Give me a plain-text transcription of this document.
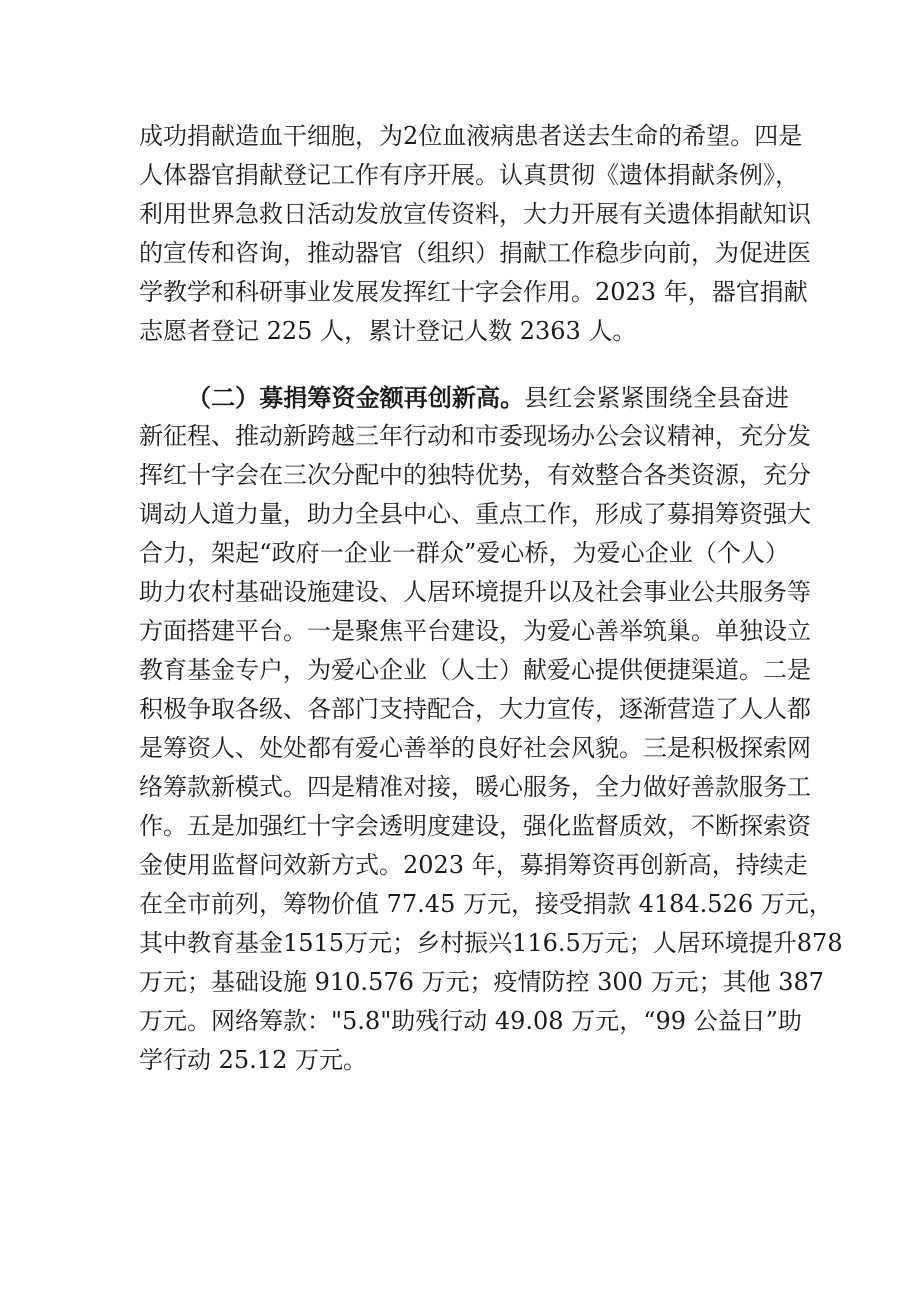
成功捐献造血干细胞，为2位血液病患者送去生命的希望。四是
人体器官捐献登记工作有序开展。认真贯彻《遗体捐献条例》，
利用世界急救日活动发放宣传资料，大力开展有关遗体捐献知识
的宣传和咨询，推动器官（组织）捐献工作稳步向前，为促进医
学教学和科研事业发展发挥红十字会作用。2023 年，器官捐献
志愿者登记 225 人，累计登记人数 2363 人。
（二）募捐筹资金额再创新高。县红会紧紧围绕全县奋进
新征程、推动新跨越三年行动和市委现场办公会议精神，充分发
挥红十字会在三次分配中的独特优势，有效整合各类资源，充分
调动人道力量，助力全县中心、重点工作，形成了募捐筹资强大
合力，架起“政府一企业一群众”爱心桥，为爱心企业（个人）
助力农村基础设施建设、人居环境提升以及社会事业公共服务等
方面搭建平台。一是聚焦平台建设，为爱心善举筑巢。单独设立
教育基金专户，为爱心企业（人士）献爱心提供便捷渠道。二是
积极争取各级、各部门支持配合，大力宣传，逐渐营造了人人都
是筹资人、处处都有爱心善举的良好社会风貌。三是积极探索网
络筹款新模式。四是精准对接，暖心服务，全力做好善款服务工
作。五是加强红十字会透明度建设，强化监督质效，不断探索资
金使用监督问效新方式。2023 年，募捐筹资再创新高，持续走
在全市前列，筹物价值 77.45 万元，接受捐款 4184.526 万元，
其中教育基金1515万元；乡村振兴116.5万元；人居环境提升878
万元；基础设施 910.576 万元；疫情防控 300 万元；其他 387
万元。网络筹款："5.8"助残行动 49.08 万元，“99 公益日”助
学行动 25.12 万元。
